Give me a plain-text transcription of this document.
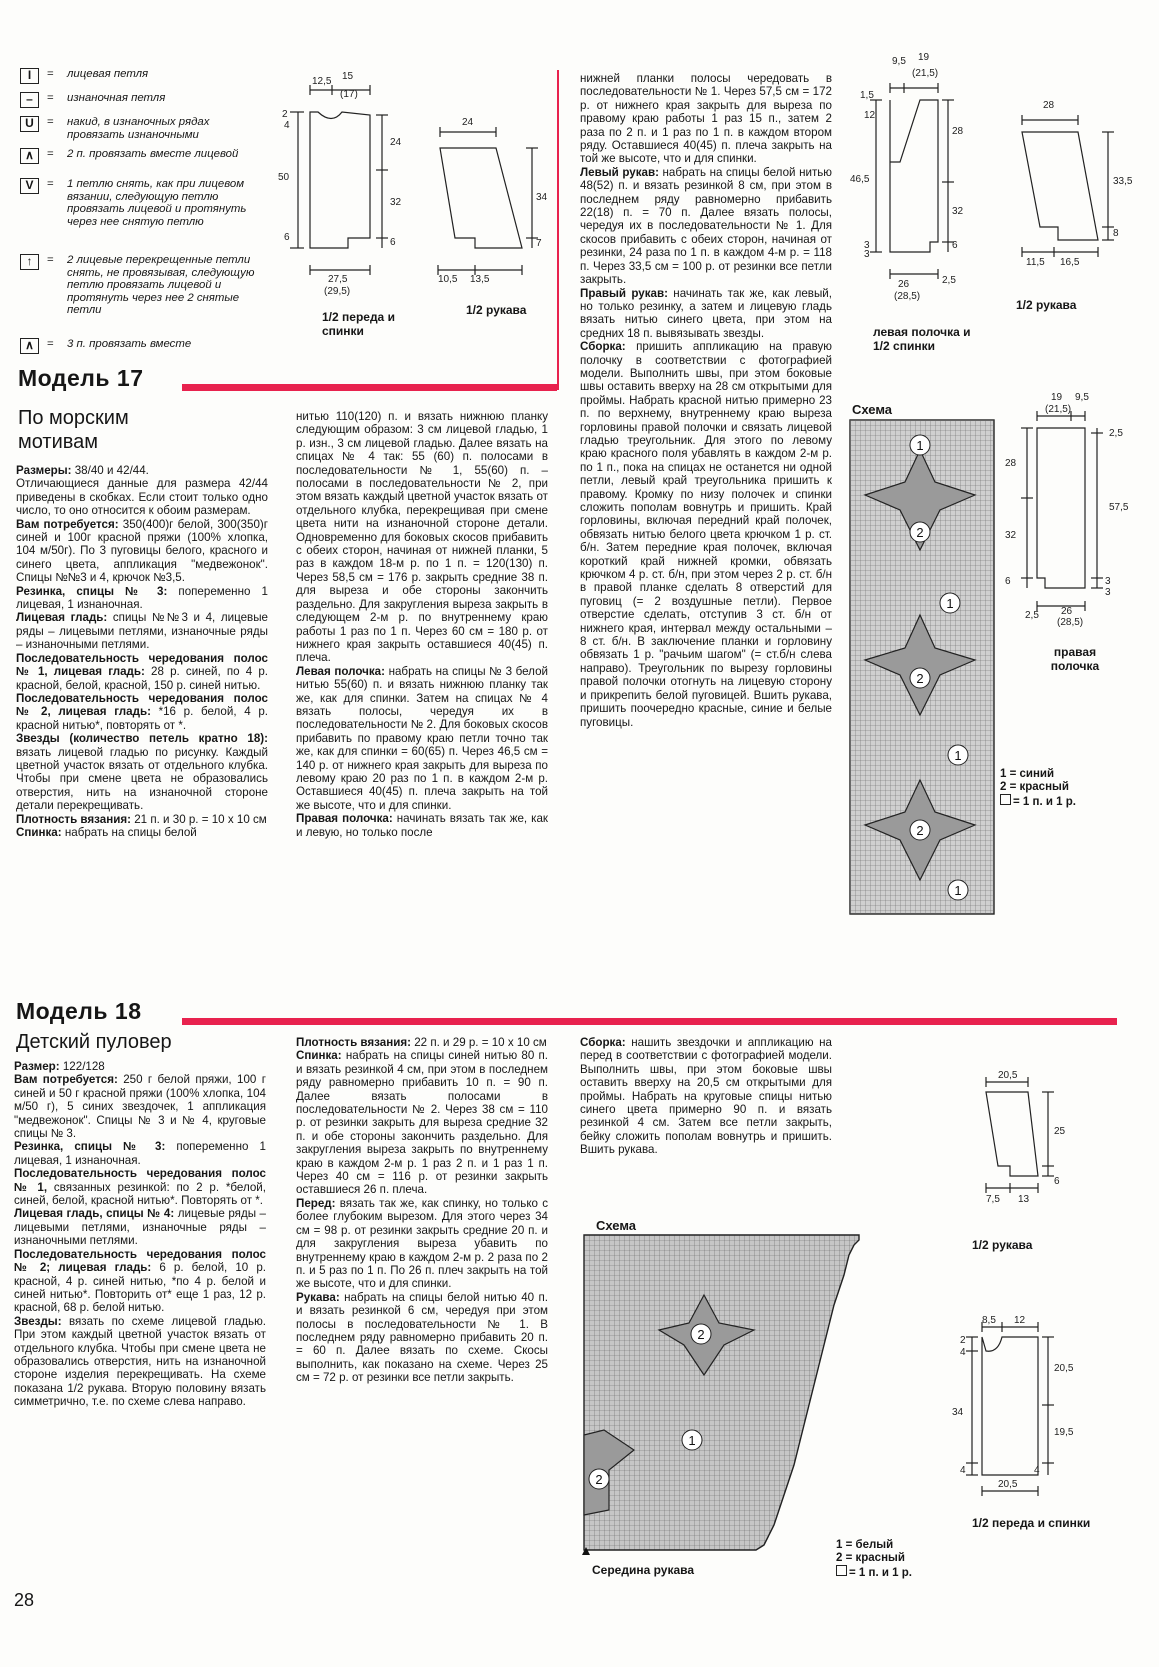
I	=	лицевая петля
–	=	изнаночная петля
U	=	накид, в изнаночных рядах провязать изнаночными
∧	=	2 п. провязать вместе лицевой
V	=	1 петлю снять, как при лицевом вязании, следующую петлю провязать лицевой и протянуть через нее снятую петлю
↑	=	2 лицевые перекрещенные петли снять, не провязывая, следующую петлю провязать лицевой и протянуть через нее 2 снятые петли
∧	=	3 п. провязать вместе
12,5 15
(17)
2
4
50
24
32
6	6
27,5
(29,5)
24
34
7
10,5 13,5
1/2 переда и спинки
1/2 рукава
9,5 19
(21,5)
1,5
12
46,5
3
3
28
32
6
26
(28,5)
2,5
28
33,5
8
11,5 16,5
левая полочка и 1/2 спинки
1/2 рукава
Модель 17
По морским мотивам

Размеры: 38/40 и 42/44.

Отличающиеся данные для размера 42/44 приведены в скобках. Если стоит только одно число, то оно относится к обоим размерам.

Вам потребуется: 350(400)г белой, 300(350)г синей и 100г красной пряжи (100% хлопка, 104 м/50г). По 3 пуговицы белого, красного и синего цвета, аппликация "медвежонок". Спицы №№3 и 4, крючок №3,5.

Резинка, спицы № 3: попеременно 1 лицевая, 1 изнаночная.

Лицевая гладь: спицы №№3 и 4, лицевые ряды – лицевыми петлями, изнаночные ряды – изнаночными петлями.

Последовательность чередования полос № 1, лицевая гладь: 28 р. синей, по 4 р. красной, белой, красной, 150 р. синей нитью.

Последовательность чередования полос № 2, лицевая гладь: *16 р. белой, 4 р. красной нитью*, повторять от *.

Звезды (количество петель кратно 18): вязать лицевой гладью по рисунку. Каждый цветной участок вязать от отдельного клубка. Чтобы при смене цвета не образовались отверстия, нить на изнаночной стороне детали перекрещивать.

Плотность вязания: 21 п. и 30 р. = 10 x 10 см

Спинка: набрать на спицы белой

нитью 110(120) п. и вязать нижнюю планку следующим образом: 3 см лицевой гладью, 1 р. изн., 3 см лицевой гладью. Далее вязать на спицах № 4 так: 55 (60) п. полосами в последовательности № 1, 55(60) п. – полосами в последовательности № 2, при этом вязать каждый цветной участок вязать от отдельного клубка, перекрещивая при смене цвета нити на изнаночной стороне детали. Одновременно для боковых скосов прибавить с обеих сторон, начиная от нижней планки, 5 раз в каждом 18-м р. по 1 п. = 120(130) п. Через 58,5 см = 176 р. закрыть средние 38 п. для выреза и обе стороны закончить раздельно. Для закругления выреза закрыть в следующем 2-м р. по внутреннему краю работы 1 раз по 1 п. Через 60 см = 180 р. от нижнего края закрыть оставшиеся 40(45) п. плеча.

Левая полочка: набрать на спицы № 3 белой нитью 55(60) п. и вязать нижнюю планку так же, как для спинки. Затем на спицах № 4 вязать полосы, чередуя их в последовательности № 2. Для боковых скосов прибавить по правому краю петли точно так же, как для спинки = 60(65) п. Через 46,5 см = 140 р. от нижнего края закрыть для выреза по левому краю 20 раз по 1 п. в каждом 2-м р. Оставшиеся 40(45) п. плеча закрыть на той же высоте, что и для спинки.

Правая полочка: начинать вязать так же, как и левую, но только после

нижней планки полосы чередовать в последовательности № 1. Через 57,5 см = 172 р. от нижнего края закрыть для выреза по правому краю работы 1 раз 15 п., затем 2 раза по 2 п. и 1 раз по 1 п. в каждом втором ряду. Оставшиеся 40(45) п. плеча закрыть на той же высоте, что и для спинки.

Левый рукав: набрать на спицы белой нитью 48(52) п. и вязать резинкой 8 см, при этом в последнем ряду равномерно прибавить 22(18) п. = 70 п. Далее вязать полосы, чередуя их в последовательности № 1. Для скосов прибавить с обеих сторон, начиная от резинки, 24 раза по 1 п. в каждом 4-м р. = 118 п. Через 33,5 см = 100 р. от резинки все петли закрыть.

Правый рукав: начинать так же, как левый, но только резинку, а затем и лицевую гладь вязать нитью синего цвета, при этом на средних 18 п. вывязывать звезды.

Сборка: пришить аппликацию на правую полочку в соответствии с фотографией модели. Выполнить швы, при этом боковые швы оставить вверху на 28 см открытыми для проймы. Набрать красной нитью примерно 23 п. по верхнему, внутреннему краю выреза горловины правой полочки и связать лицевой гладью треугольник. Для этого по левому краю красного поля убавлять в каждом 2-м р. по 1 п., пока на спицах не останется ни одной петли, левый край треугольника пришить к правому. Кромку по низу полочек и спинки сложить пополам вовнутрь и пришить. Край горловины, включая передний край полочек, обвязать нитью белого цвета крючком 1 р. ст. б/н. Затем передние края полочек, включая короткий край нижней кромки, обвязать крючком 4 р. ст. б/н, при этом через 2 р. ст. б/н в правой планке сделать 8 отверстий для пуговиц (= 2 воздушные петли). Первое отверстие сделать, отступив 3 ст. б/н от нижнего края, интервал между остальными – 8 ст. б/н. В заключение планки и горловину обвязать 1 р. "рачьим шагом" (= ст.б/н слева направо). Треугольник по вырезу горловины правой полочки отогнуть на лицевую сторону и прикрепить белой пуговицей. Вшить рукава, пришить поочередно красные, синие и белые пуговицы.

Схема
1
2
1
2
1
2
1
1 = синий
2 = красный
= 1 п. и 1 р.
19
(21,5)
9,5
2,5
28
57,5
32
6	3
3
2,5 26
(28,5)
правая полочка
Модель 18
Детский пуловер

Размер: 122/128

Вам потребуется: 250 г белой пряжи, 100 г синей и 50 г красной пряжи (100% хлопка, 104 м/50 г), 5 синих звездочек, 1 аппликация "медвежонок". Спицы № 3 и № 4, круговые спицы № 3.

Резинка, спицы № 3: попеременно 1 лицевая, 1 изнаночная.

Последовательность чередования полос № 1, связанных резинкой: по 2 р. *белой, синей, белой, красной нитью*. Повторять от *.

Лицевая гладь, спицы № 4: лицевые ряды – лицевыми петлями, изнаночные ряды – изнаночными петлями.

Последовательность чередования полос № 2; лицевая гладь: 6 р. белой, 10 р. красной, 4 р. синей нитью, *по 4 р. белой и синей нитью*. Повторить от* еще 1 раз, 12 р. красной, 68 р. белой нитью.

Звезды: вязать по схеме лицевой гладью. При этом каждый цветной участок вязать от отдельного клубка. Чтобы при смене цвета не образовались отверстия, нить на изнаночной стороне изделия перекрещивать. На схеме показана 1/2 рукава. Вторую половину вязать симметрично, т.е. по схеме слева направо.

Плотность вязания: 22 п. и 29 р. = 10 x 10 см

Спинка: набрать на спицы синей нитью 80 п. и вязать резинкой 4 см, при этом в последнем ряду равномерно прибавить 10 п. = 90 п. Далее вязать полосами в последовательности № 2. Через 38 см = 110 р. от резинки закрыть для выреза средние 32 п. и обе стороны закончить раздельно. Для закругления выреза закрыть по внутреннему краю в каждом 2-м р. 1 раз 2 п. и 1 раз 1 п. Через 40 см = 116 р. от резинки закрыть оставшиеся 26 п. плеча.

Перед: вязать так же, как спинку, но только с более глубоким вырезом. Для этого через 34 см = 98 р. от резинки закрыть средние 20 п. и для закругления выреза убавить по внутреннему краю в каждом 2-м р. 2 раза по 2 п. и 5 раз по 1 п. По 26 п. плеч закрыть на той же высоте, что и для спинки.

Рукава: набрать на спицы белой нитью 40 п. и вязать резинкой 6 см, чередуя при этом полосы в последовательности № 1. В последнем ряду равномерно прибавить 20 п. = 60 п. Далее вязать по схеме. Скосы выполнить, как показано на схеме. Через 25 см = 72 р. от резинки все петли закрыть.

Сборка: нашить звездочки и аппликацию на перед в соответствии с фотографией модели. Выполнить швы, при этом боковые швы оставить вверху на 20,5 см открытыми для проймы. Набрать на круговые спицы нитью синего цвета примерно 90 п. и вязать резинкой 4 см. Затем все петли закрыть, бейку сложить пополам вовнутрь и пришить. Вшить рукава.

Схема
2
1
2
Середина рукава
1 = белый
2 = красный
= 1 п. и 1 р.
20,5
25
6
7,5 13
1/2 рукава
8,5 12
2
4
34
4
20,5
19,5
4
20,5
1/2 переда и спинки
28
